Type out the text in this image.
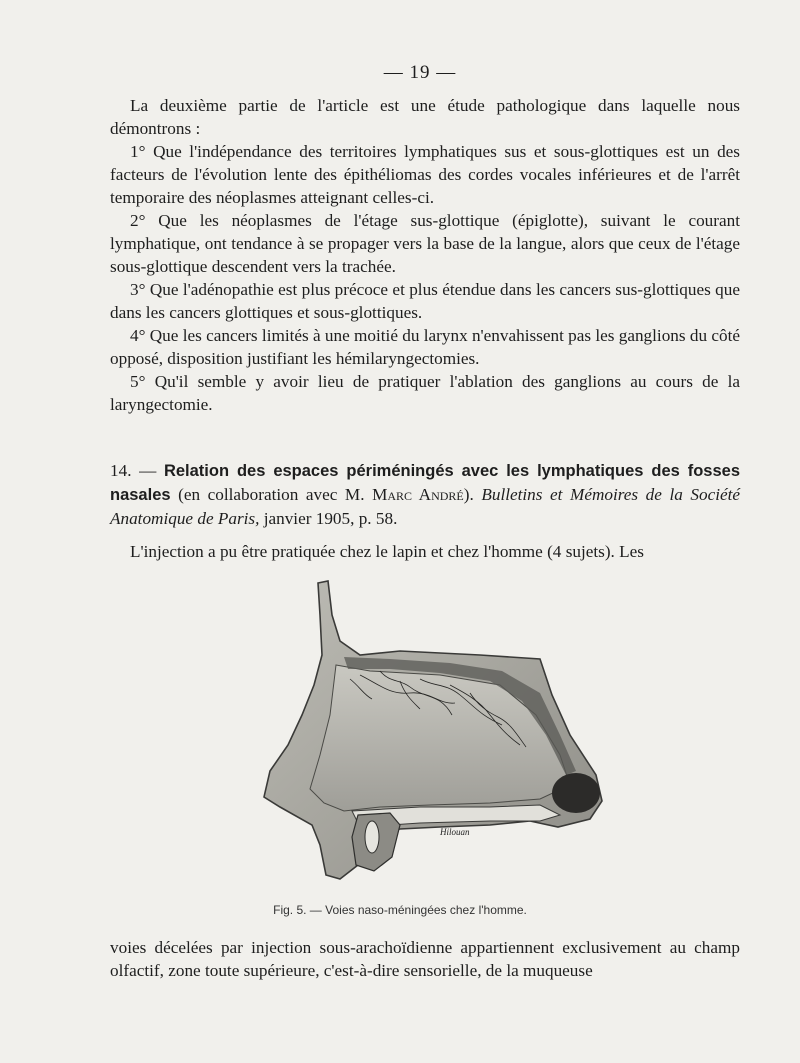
— 19 —

La deuxième partie de l'article est une étude pathologique dans laquelle nous démontrons :

1° Que l'indépendance des territoires lymphatiques sus et sous-glottiques est un des facteurs de l'évolution lente des épithéliomas des cordes vocales inférieures et de l'arrêt temporaire des néoplasmes atteignant celles-ci.

2° Que les néoplasmes de l'étage sus-glottique (épiglotte), suivant le courant lymphatique, ont tendance à se propager vers la base de la langue, alors que ceux de l'étage sous-glottique descendent vers la trachée.

3° Que l'adénopathie est plus précoce et plus étendue dans les cancers sus-glottiques que dans les cancers glottiques et sous-glottiques.

4° Que les cancers limités à une moitié du larynx n'envahissent pas les ganglions du côté opposé, disposition justifiant les hémilaryngectomies.

5° Qu'il semble y avoir lieu de pratiquer l'ablation des ganglions au cours de la laryngectomie.

14. — Relation des espaces périméningés avec les lymphatiques des fosses nasales (en collaboration avec M. Marc André). Bulletins et Mémoires de la Société Anatomique de Paris, janvier 1905, p. 58.

L'injection a pu être pratiquée chez le lapin et chez l'homme (4 sujets). Les

Hilouan
Fig. 5. — Voies naso-méningées chez l'homme.

voies décelées par injection sous-arachoïdienne appartiennent exclusivement au champ olfactif, zone toute supérieure, c'est-à-dire sensorielle, de la muqueuse
